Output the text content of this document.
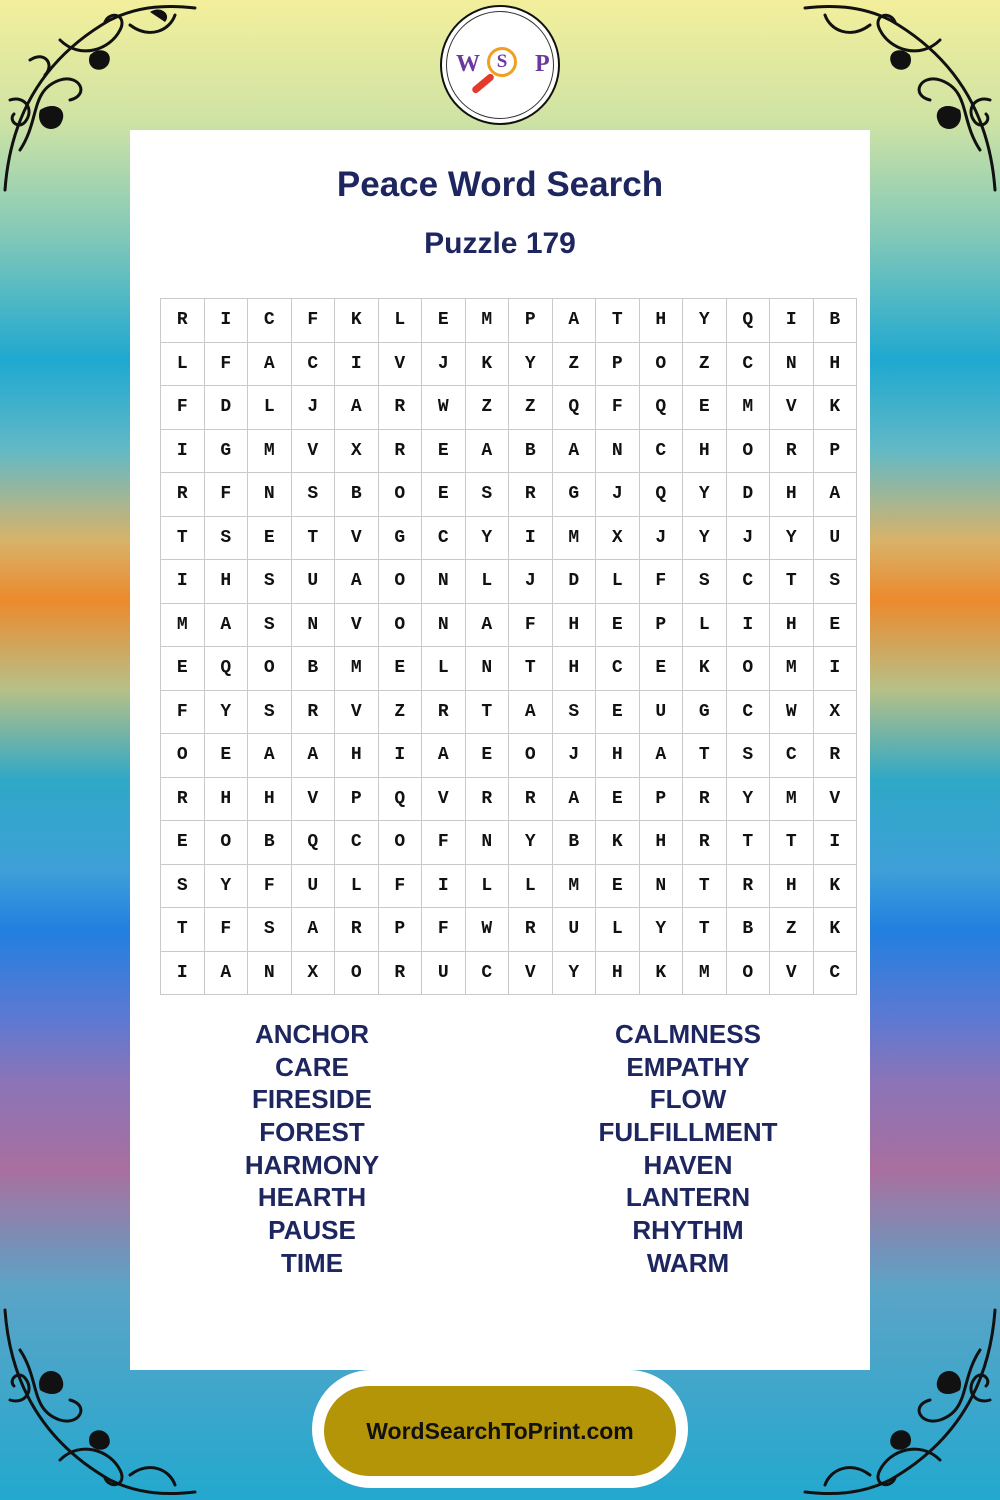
W S P
Peace Word Search
Puzzle 179
R	I	C	F	K	L	E	M	P	A	T	H	Y	Q	I	B
L	F	A	C	I	V	J	K	Y	Z	P	O	Z	C	N	H
F	D	L	J	A	R	W	Z	Z	Q	F	Q	E	M	V	K
I	G	M	V	X	R	E	A	B	A	N	C	H	O	R	P
R	F	N	S	B	O	E	S	R	G	J	Q	Y	D	H	A
T	S	E	T	V	G	C	Y	I	M	X	J	Y	J	Y	U
I	H	S	U	A	O	N	L	J	D	L	F	S	C	T	S
M	A	S	N	V	O	N	A	F	H	E	P	L	I	H	E
E	Q	O	B	M	E	L	N	T	H	C	E	K	O	M	I
F	Y	S	R	V	Z	R	T	A	S	E	U	G	C	W	X
O	E	A	A	H	I	A	E	O	J	H	A	T	S	C	R
R	H	H	V	P	Q	V	R	R	A	E	P	R	Y	M	V
E	O	B	Q	C	O	F	N	Y	B	K	H	R	T	T	I
S	Y	F	U	L	F	I	L	L	M	E	N	T	R	H	K
T	F	S	A	R	P	F	W	R	U	L	Y	T	B	Z	K
I	A	N	X	O	R	U	C	V	Y	H	K	M	O	V	C
ANCHOR
CARE
FIRESIDE
FOREST
HARMONY
HEARTH
PAUSE
TIME
CALMNESS
EMPATHY
FLOW
FULFILLMENT
HAVEN
LANTERN
RHYTHM
WARM
WordSearchToPrint.com
